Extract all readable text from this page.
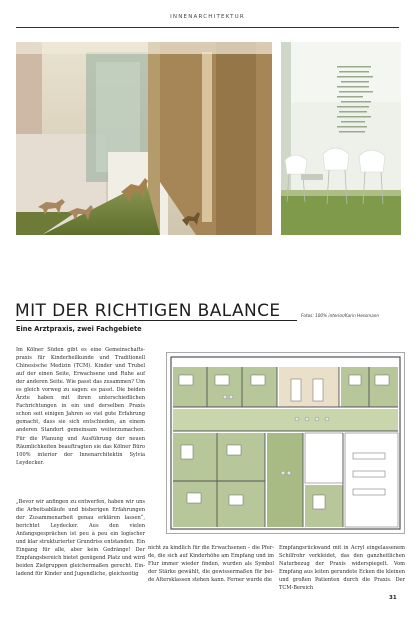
INNENARCHITEKTUR
MIT DER RICHTIGEN BALANCE	Fotos: 100% interior/Karin Hessmann
Eine Arztpraxis, zwei Fachgebiete

Im Kölner Süden gibt es eine Gemeinschaftspraxis für Kinderheilkunde und Traditionell Chinesische Medizin (TCM). Kinder und Trubel auf der einen Seite, Erwachsene und Ruhe auf der anderen Seite. Wie passt das zusammen? Um es gleich vorweg zu sagen: es passt. Die beiden Ärzte haben mit ihren unterschiedlichen Fachrichtungen in ein und derselben Praxis schon seit einigen Jahren so viel gute Erfahrung gemacht, dass sie sich entschieden, an einem anderen Standort gemeinsam weiterzumachen. Für die Planung und Ausführung der neuen Räumlichkeiten beauftragten sie das Kölner Büro 100% interior der Innenarchitektin Sylvia Leydecker.

„Bevor wir anfingen zu entwerfen, haben wir uns die Arbeitsabläufe und bisherigen Erfahrungen der Zusammenarbeit genau erklären lassen“, berichtet Leydecker. Aus den vielen Anfangsgesprächen ist peu à peu ein logischer und klar strukturierter Grundriss entstanden. Ein Eingang für alle, aber kein Gedränge! Der Empfangsbereich bietet genügend Platz und wird beiden Zielgruppen gleichermaßen gerecht. Einladend für Kinder und Jugendliche, gleichzeitig

nicht zu kindlich für die Erwachsenen – die Pferde, die sich auf Kinderhöhe am Empfang und im Flur immer wieder finden, wurden als Symbol der Stärke gewählt, die gewissermaßen für beide Altersklassen stehen kann. Ferner wurde die

Empfangsrückwand mit in Acryl eingelassenem Schilfrohr verkleidet, das den ganzheitlichen Naturbezug der Praxis widerspiegelt. Vom Empfang aus leiten gerundete Ecken die kleinen und großen Patienten durch die Praxis. Der TCM-Bereich

31
